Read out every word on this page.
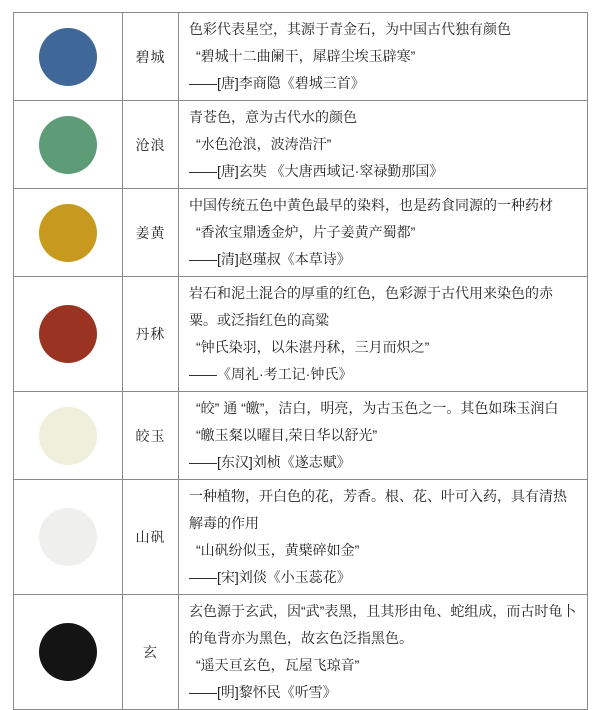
	碧城	色彩代表星空，其源于青金石，为中国古代独有颜色

“碧城十二曲阑干，犀辟尘埃玉辟寒”

——[唐]李商隐《碧城三首》

	沧浪	青苍色，意为古代水的颜色

“水色沧浪，波涛浩汗”

——[唐]玄奘 《大唐西域记·窣禄勤那国》

	姜黄	中国传统五色中黄色最早的染料，也是药食同源的一种药材

“香浓宝鼎透金炉，片子姜黄产蜀都”

——[清]赵瑾叔《本草诗》

	丹秫	岩石和泥土混合的厚重的红色，色彩源于古代用来染色的赤粟。或泛指红色的高粱

“钟氏染羽，以朱湛丹秫，三月而炽之”

——《周礼·考工记·钟氏》

	皎玉	“皎” 通 “皦”，洁白，明亮，为古玉色之一。其色如珠玉润白

“皦玉粲以曜目,荣日华以舒光”

——[东汉]刘桢《遂志赋》

	山矾	一种植物，开白色的花，芳香。根、花、叶可入药，具有清热解毒的作用

“山矾纷似玉，黄檗碎如金”

——[宋]刘倓《小玉蕊花》

	玄	玄色源于玄武，因“武”表黑，且其形由龟、蛇组成，而古时龟卜的龟背亦为黑色，故玄色泛指黑色。

“遥天亘玄色，瓦屋飞琼音”

——[明]黎怀民《听雪》
